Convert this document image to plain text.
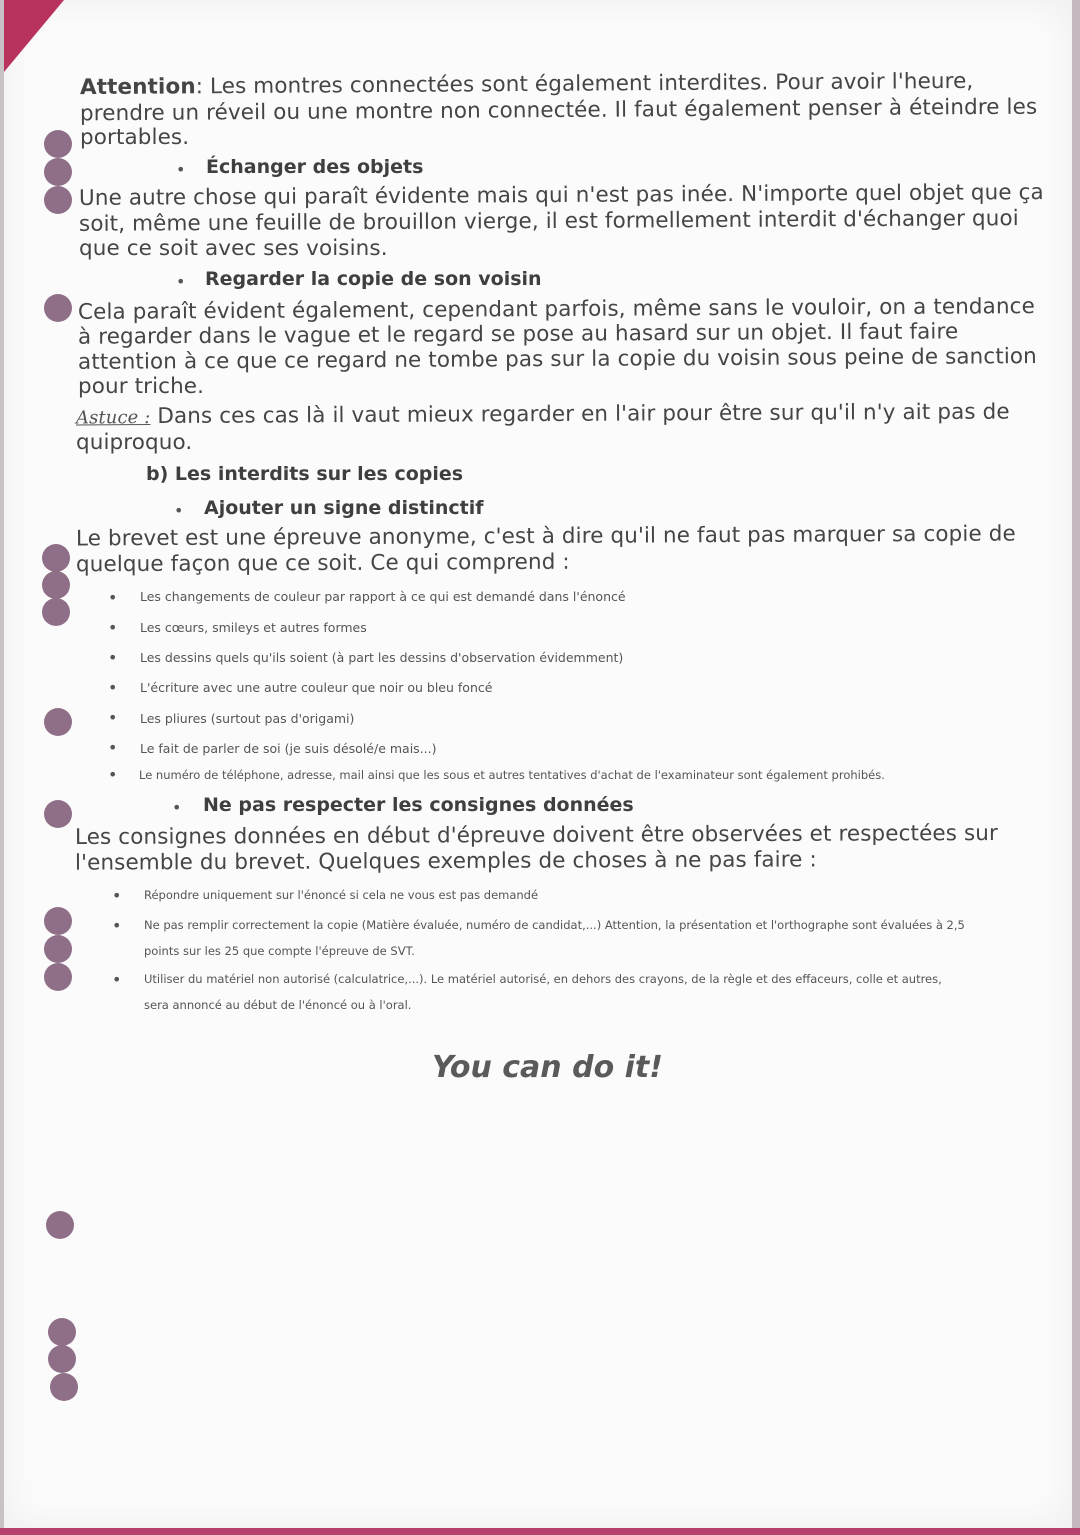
Attention: Les montres connectées sont également interdites. Pour avoir l'heure,
prendre un réveil ou une montre non connectée. Il faut également penser à éteindre les
portables.
• Échanger des objets
Une autre chose qui paraît évidente mais qui n'est pas inée. N'importe quel objet que ça
soit, même une feuille de brouillon vierge, il est formellement interdit d'échanger quoi
que ce soit avec ses voisins.
• Regarder la copie de son voisin
Cela paraît évident également, cependant parfois, même sans le vouloir, on a tendance
à regarder dans le vague et le regard se pose au hasard sur un objet. Il faut faire
attention à ce que ce regard ne tombe pas sur la copie du voisin sous peine de sanction
pour triche.
Astuce : Dans ces cas là il vaut mieux regarder en l'air pour être sur qu'il n'y ait pas de
quiproquo.
b) Les interdits sur les copies
• Ajouter un signe distinctif
Le brevet est une épreuve anonyme, c'est à dire qu'il ne faut pas marquer sa copie de
quelque façon que ce soit. Ce qui comprend :
• Les changements de couleur par rapport à ce qui est demandé dans l'énoncé
• Les cœurs, smileys et autres formes
• Les dessins quels qu'ils soient (à part les dessins d'observation évidemment)
• L'écriture avec une autre couleur que noir ou bleu foncé
• Les pliures (surtout pas d'origami)
• Le fait de parler de soi (je suis désolé/e mais...)
• Le numéro de téléphone, adresse, mail ainsi que les sous et autres tentatives d'achat de l'examinateur sont également prohibés.
• Ne pas respecter les consignes données
Les consignes données en début d'épreuve doivent être observées et respectées sur
l'ensemble du brevet. Quelques exemples de choses à ne pas faire :
• Répondre uniquement sur l'énoncé si cela ne vous est pas demandé
• Ne pas remplir correctement la copie (Matière évaluée, numéro de candidat,...) Attention, la présentation et l'orthographe sont évaluées à 2,5
points sur les 25 que compte l'épreuve de SVT.
• Utiliser du matériel non autorisé (calculatrice,...). Le matériel autorisé, en dehors des crayons, de la règle et des effaceurs, colle et autres,
sera annoncé au début de l'énoncé ou à l'oral.
You can do it!
